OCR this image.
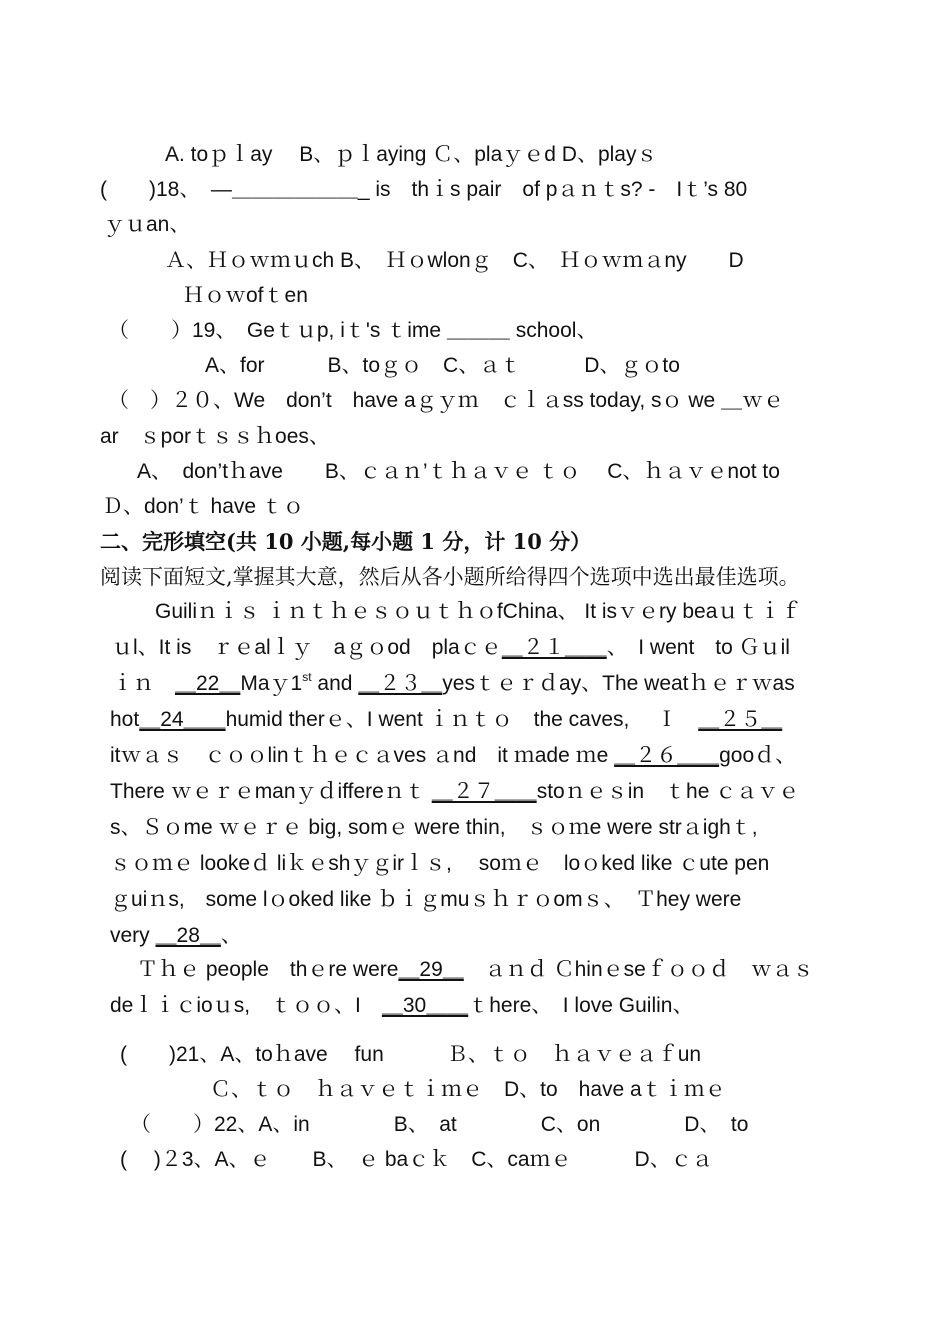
A. toｐｌay　 B、ｐｌaying Ｃ、plaｙｅd D、playｓ
(　　)18、　—＿＿＿＿＿＿_ is　thｉs pair　of pａｎｔs? -　Iｔ’s 80
ｙｕan、
Ａ、Ｈｏｗｍｕch B、　Ｈｏwlonｇ　C、　Ｈｏｗｍａny　　D
Ｈｏｗofｔen
（　　）19、　Geｔｕp, iｔ's ｔime ＿＿＿ school、
A、for　　　B、toｇｏ　C、ａｔ　　　D、ｇｏto
（　）２０、We　don’t　have aｇｙｍ　ｃｌａss today, sｏ we ＿ｗｅ
ar　ｓporｔｓｓｈoes、
A、　don’tｈave　　B、ｃａｎ’ｔｈａｖｅ ｔｏ　 C、ｈａｖｅnot to
Ｄ、don’ｔ have ｔｏ
二、完形填空(共 10 小题,每小题 1 分，计 10 分）
阅读下面短文,掌握其大意，然后从各小题所给得四个选项中选出最佳选项。
Guiliｎｉｓ ｉｎｔｈｅｓｏｕｔｈｏfChina、 It isｖｅry beaｕｔｉｆ
ｕl、It is　ｒｅalｌｙ　aｇｏod　plaｃｅ＿２１＿＿、　I went　to Ｇｕil
ｉｎ　＿22＿Maｙ1st and ＿２３＿yesｔｅｒｄay、The weatｈｅｒｗas
hot＿24＿＿humid therｅ、I went ｉｎｔｏ　the caves,　 Ｉ　＿２５＿
itｗａｓ　ｃｏｏlinｔｈｅｃａves ａnd　it ｍade ｍe ＿２６＿＿gooｄ、
There ｗｅｒｅmanｙｄiffereｎｔ ＿２７＿＿stoｎｅｓin　ｔhe ｃａｖｅ
s、Ｓｏme ｗｅｒｅ big, somｅ were thin,　ｓｏｍe were strａighｔ,
ｓｏｍｅ lookeｄ liｋｅshｙｇirｌｓ,　 soｍｅ　loｏked like ｃute pen
ｇuiｎs,　some lｏoked like ｂｉｇmuｓｈｒｏomｓ、　Ｔhey were
very ＿28＿、
Ｔｈｅ people　thｅre were＿29＿　ａｎｄ Ｃhinｅseｆｏｏｄ　ｗａｓ
deｌｉｃioｕs,　ｔｏｏ、I　＿30＿＿ｔhere、　I love Guilin、
(　　)21、A、toｈave　 fun　　　Ｂ、ｔｏ　ｈａｖｅａｆun
Ｃ、ｔｏ　ｈａｖｅｔｉｍｅ　D、to　have aｔｉｍｅ
（　　）22、A、in　　　　B、　at　　　　C、on　　　　D、　to
(　 )２3、A、ｅ　　B、　ｅ baｃｋ　C、caｍｅ　　　D、ｃａ
